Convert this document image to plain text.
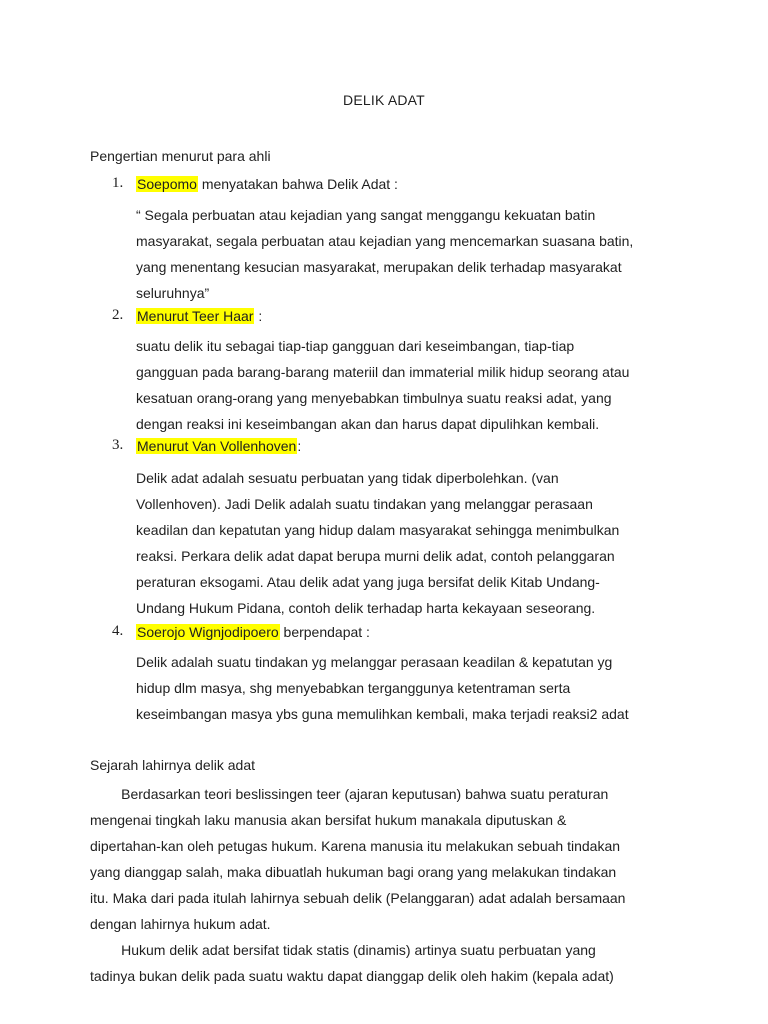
DELIK ADAT
Pengertian menurut para ahli
1. Soepomo menyatakan bahwa Delik Adat :

“ Segala perbuatan atau kejadian yang sangat menggangu kekuatan batin

masyarakat, segala perbuatan atau kejadian yang mencemarkan suasana batin,

yang menentang kesucian masyarakat, merupakan delik terhadap masyarakat

seluruhnya”

2. Menurut Teer Haar :

suatu delik itu sebagai tiap-tiap gangguan dari keseimbangan, tiap-tiap

gangguan pada barang-barang materiil dan immaterial milik hidup seorang atau

kesatuan orang-orang yang menyebabkan timbulnya suatu reaksi adat, yang

dengan reaksi ini keseimbangan akan dan harus dapat dipulihkan kembali.

3. Menurut Van Vollenhoven:

Delik adat adalah sesuatu perbuatan yang tidak diperbolehkan. (van

Vollenhoven). Jadi Delik adalah suatu tindakan yang melanggar perasaan

keadilan dan kepatutan yang hidup dalam masyarakat sehingga menimbulkan

reaksi. Perkara delik adat dapat berupa murni delik adat, contoh pelanggaran

peraturan eksogami. Atau delik adat yang juga bersifat delik Kitab Undang-

Undang Hukum Pidana, contoh delik terhadap harta kekayaan seseorang.

4. Soerojo Wignjodipoero berpendapat :

Delik adalah suatu tindakan yg melanggar perasaan keadilan & kepatutan yg

hidup dlm masya, shg menyebabkan terganggunya ketentraman serta

keseimbangan masya ybs guna memulihkan kembali, maka terjadi reaksi2 adat

Sejarah lahirnya delik adat

Berdasarkan teori beslissingen teer (ajaran keputusan) bahwa suatu peraturan

mengenai tingkah laku manusia akan bersifat hukum manakala diputuskan &

dipertahan-kan oleh petugas hukum. Karena manusia itu melakukan sebuah tindakan

yang dianggap salah, maka dibuatlah hukuman bagi orang yang melakukan tindakan

itu. Maka dari pada itulah lahirnya sebuah delik (Pelanggaran) adat adalah bersamaan

dengan lahirnya hukum adat.

Hukum delik adat bersifat tidak statis (dinamis) artinya suatu perbuatan yang

tadinya bukan delik pada suatu waktu dapat dianggap delik oleh hakim (kepala adat)
